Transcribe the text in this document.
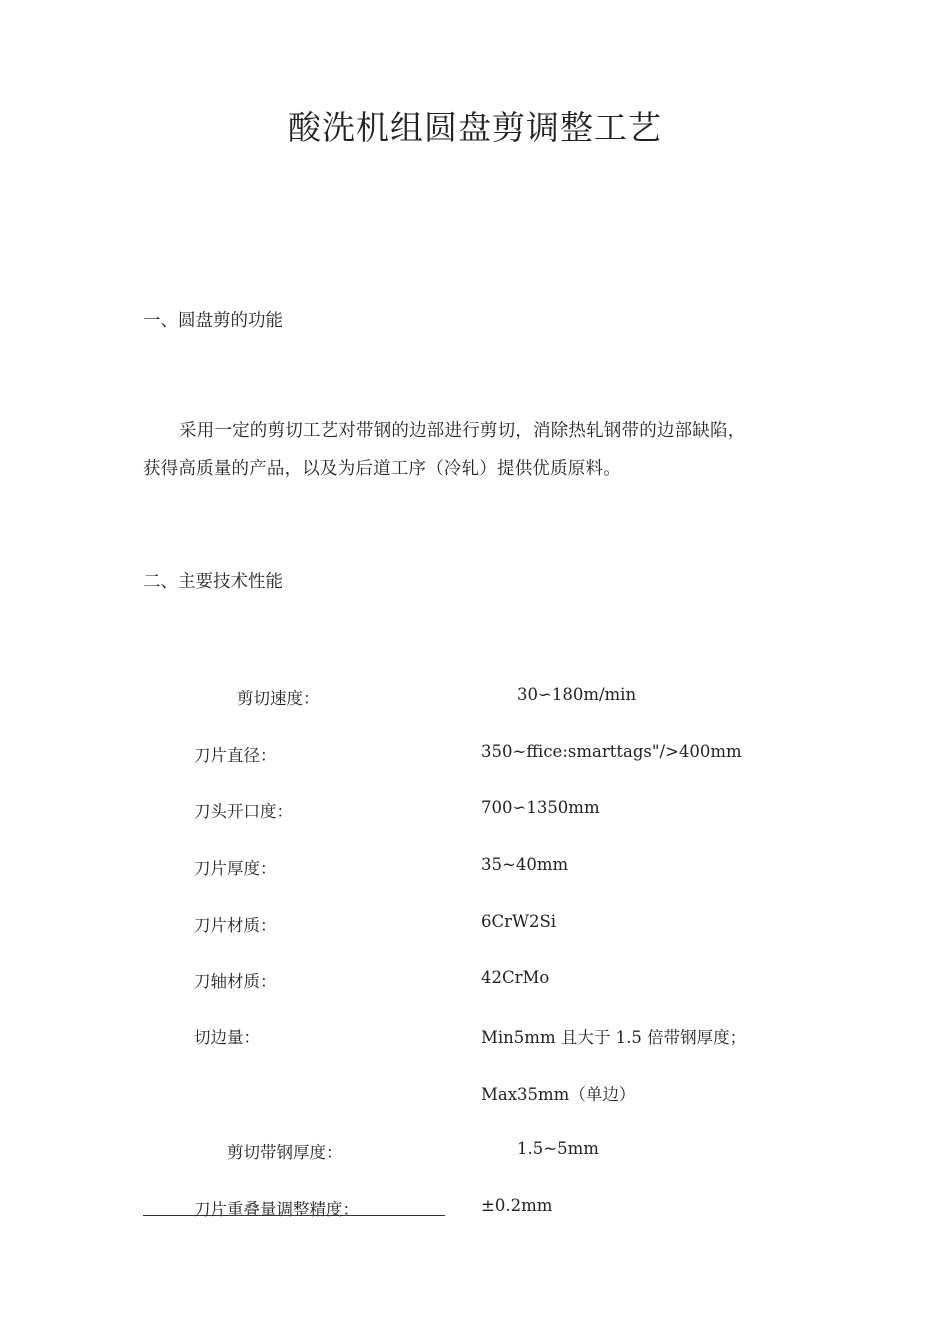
酸洗机组圆盘剪调整工艺
一、圆盘剪的功能
采用一定的剪切工艺对带钢的边部进行剪切，消除热轧钢带的边部缺陷，
获得高质量的产品，以及为后道工序（冷轧）提供优质原料。
二、主要技术性能
剪切速度：	30∽180m/min
刀片直径：	350~ffice:smarttags"/>400mm
刀头开口度：	700∽1350mm
刀片厚度：	35~40mm
刀片材质：	6CrW2Si
刀轴材质：	42CrMo
切边量：	Min5mm 且大于 1.5 倍带钢厚度；
Max35mm（单边）
剪切带钢厚度：	1.5~5mm
刀片重叠量调整精度：	±0.2mm
